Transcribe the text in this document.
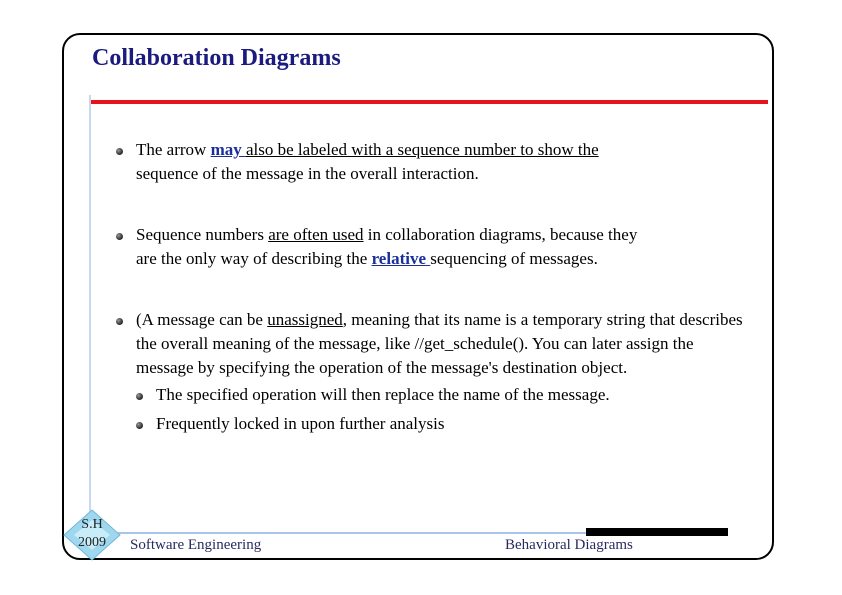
Collaboration Diagrams
The arrow may also be labeled with a sequence number to show the
sequence of the message in the overall interaction.
Sequence numbers are often used in collaboration diagrams, because they
are the only way of describing the relative sequencing of messages.
(A message can be unassigned, meaning that its name is a temporary string that describes the overall meaning of the message, like //get_schedule(). You can later assign the message by specifying the operation of the message's destination object.
The specified operation will then replace the name of the message.
Frequently locked in upon further analysis
S.H
2009	Software Engineering	Behavioral Diagrams
